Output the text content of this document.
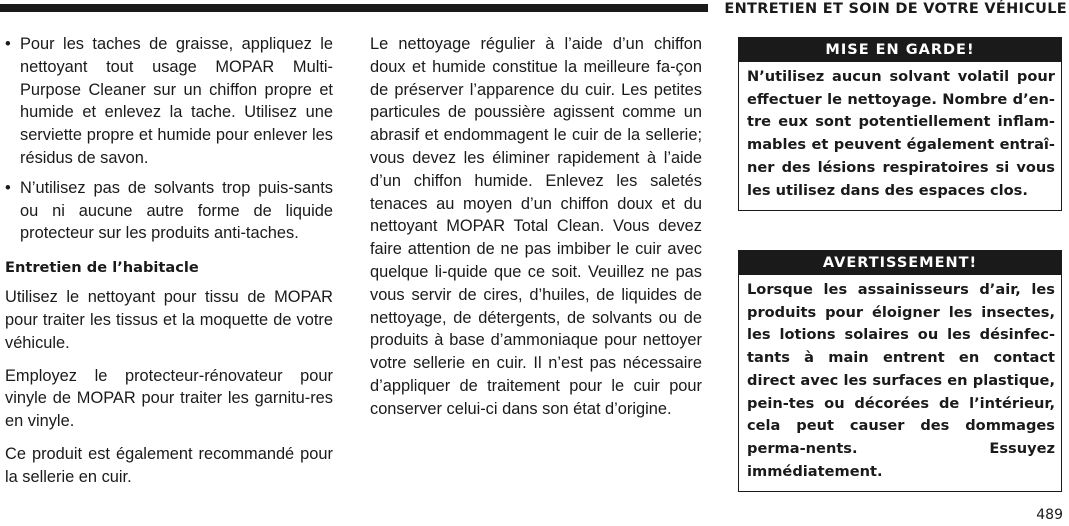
ENTRETIEN ET SOIN DE VOTRE VÉHICULE
• Pour les taches de graisse, appliquez le nettoyant tout usage MOPAR Multi-Purpose Cleaner sur un chiffon propre et humide et enlevez la tache. Utilisez une serviette propre et humide pour enlever les résidus de savon.
• N’utilisez pas de solvants trop puis-sants ou ni aucune autre forme de liquide protecteur sur les produits anti-taches.
Entretien de l’habitacle

Utilisez le nettoyant pour tissu de MOPAR pour traiter les tissus et la moquette de votre véhicule.

Employez le protecteur-rénovateur pour vinyle de MOPAR pour traiter les garnitu-res en vinyle.

Ce produit est également recommandé pour la sellerie en cuir.

Le nettoyage régulier à l’aide d’un chiffon doux et humide constitue la meilleure fa-çon de préserver l’apparence du cuir. Les petites particules de poussière agissent comme un abrasif et endommagent le cuir de la sellerie; vous devez les éliminer rapidement à l’aide d’un chiffon humide. Enlevez les saletés tenaces au moyen d’un chiffon doux et du nettoyant MOPAR Total Clean. Vous devez faire attention de ne pas imbiber le cuir avec quelque li-quide que ce soit. Veuillez ne pas vous servir de cires, d’huiles, de liquides de nettoyage, de détergents, de solvants ou de produits à base d’ammoniaque pour nettoyer votre sellerie en cuir. Il n’est pas nécessaire d’appliquer de traitement pour le cuir pour conserver celui-ci dans son état d’origine.

MISE EN GARDE!
N’utilisez aucun solvant volatil pour effectuer le nettoyage. Nombre d’en-tre eux sont potentiellement inflam-mables et peuvent également entraî-ner des lésions respiratoires si vous les utilisez dans des espaces clos.
AVERTISSEMENT!
Lorsque les assainisseurs d’air, les produits pour éloigner les insectes, les lotions solaires ou les désinfec-tants à main entrent en contact direct avec les surfaces en plastique, pein-tes ou décorées de l’intérieur, cela peut causer des dommages perma-nents. Essuyez immédiatement.
489
